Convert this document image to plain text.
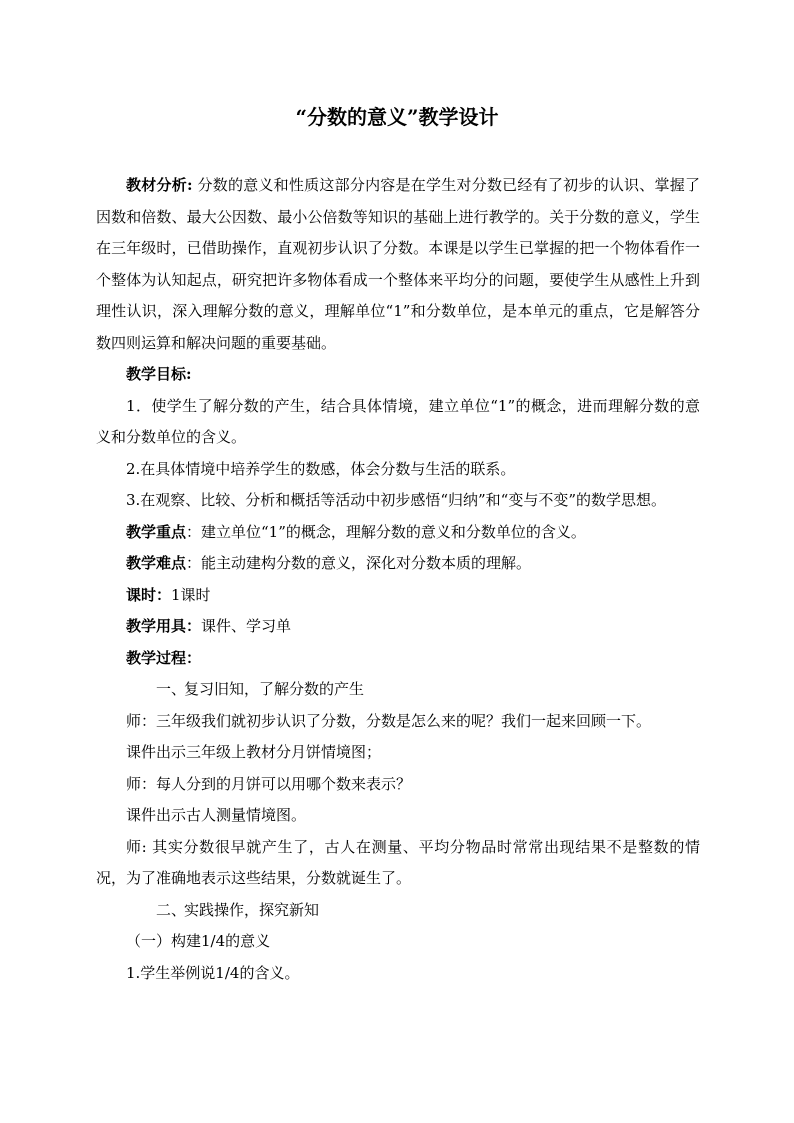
“分数的意义”教学设计

教材分析: 分数的意义和性质这部分内容是在学生对分数已经有了初步的认识、掌握了因数和倍数、最大公因数、最小公倍数等知识的基础上进行教学的。关于分数的意义，学生在三年级时，已借助操作，直观初步认识了分数。本课是以学生已掌握的把一个物体看作一个整体为认知起点，研究把许多物体看成一个整体来平均分的问题，要使学生从感性上升到理性认识，深入理解分数的意义，理解单位“1”和分数单位，是本单元的重点，它是解答分数四则运算和解决问题的重要基础。

教学目标:

1．使学生了解分数的产生，结合具体情境，建立单位“1”的概念，进而理解分数的意义和分数单位的含义。

2.在具体情境中培养学生的数感，体会分数与生活的联系。

3.在观察、比较、分析和概括等活动中初步感悟“归纳”和“变与不变”的数学思想。

教学重点：建立单位“1”的概念，理解分数的意义和分数单位的含义。

教学难点：能主动建构分数的意义，深化对分数本质的理解。

课时：1课时

教学用具：课件、学习单

教学过程：

一、复习旧知，了解分数的产生

师：三年级我们就初步认识了分数，分数是怎么来的呢？我们一起来回顾一下。

课件出示三年级上教材分月饼情境图；

师：每人分到的月饼可以用哪个数来表示？

课件出示古人测量情境图。

师: 其实分数很早就产生了，古人在测量、平均分物品时常常出现结果不是整数的情况，为了准确地表示这些结果，分数就诞生了。

二、实践操作，探究新知

（一）构建1/4的意义

1.学生举例说1/4的含义。
